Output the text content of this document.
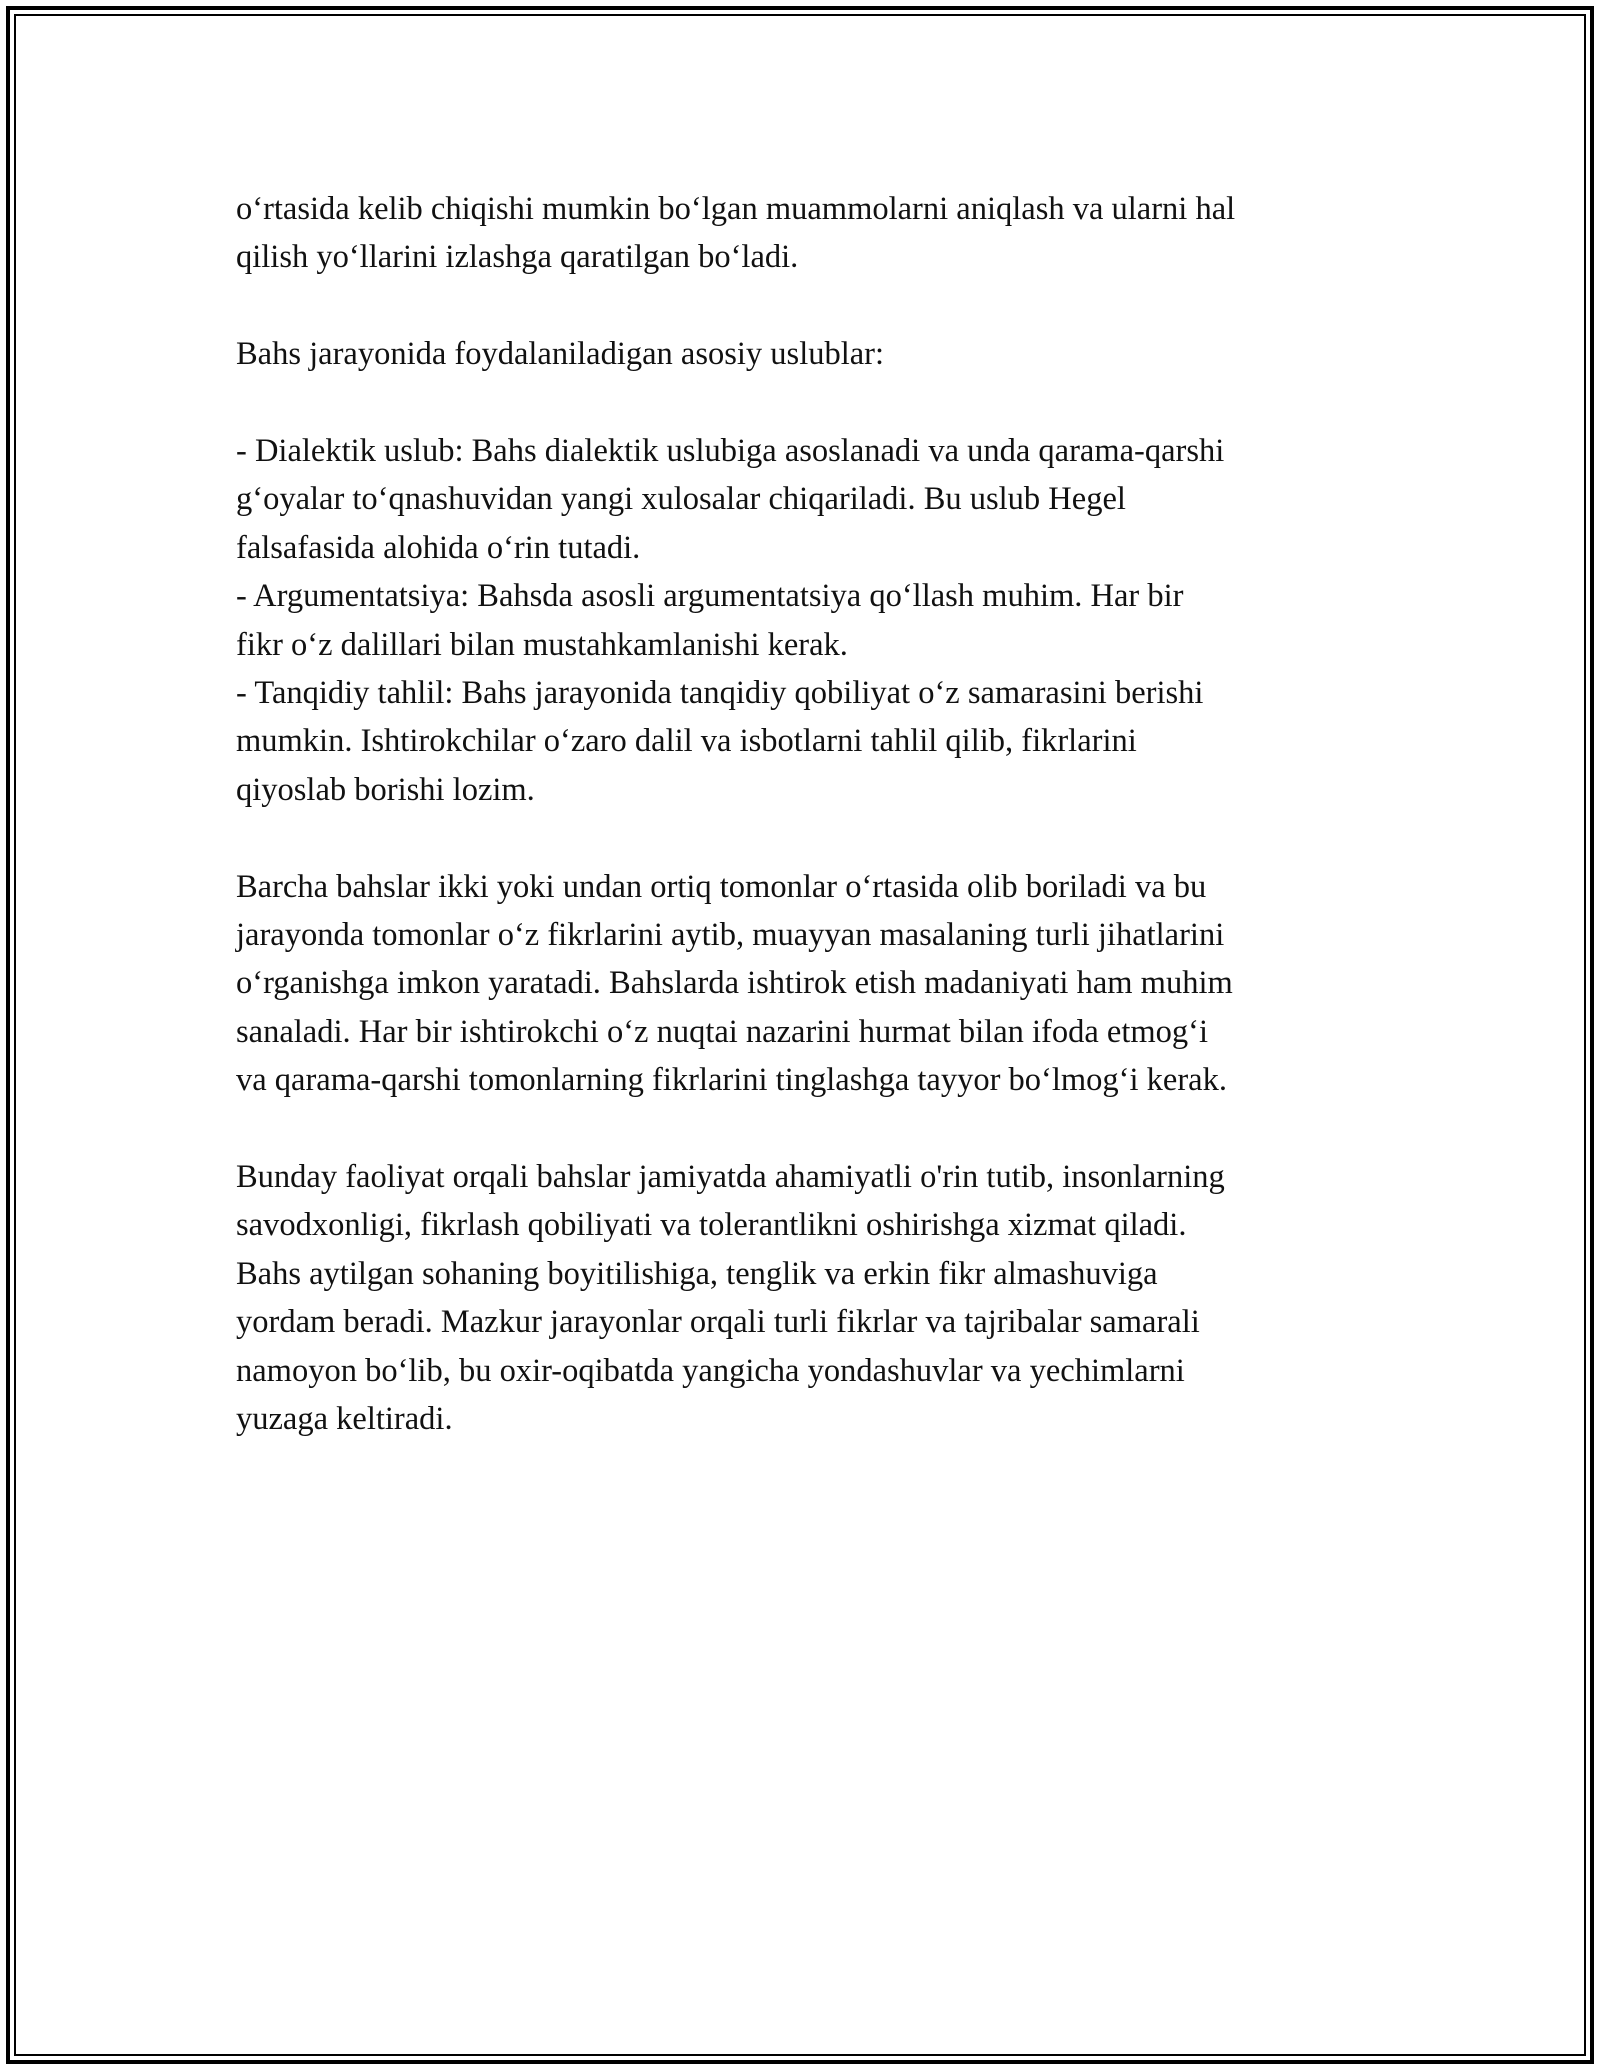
o‘rtasida kelib chiqishi mumkin bo‘lgan muammolarni aniqlash va ularni hal
qilish yo‘llarini izlashga qaratilgan bo‘ladi.

Bahs jarayonida foydalaniladigan asosiy uslublar:

- Dialektik uslub: Bahs dialektik uslubiga asoslanadi va unda qarama-qarshi
g‘oyalar to‘qnashuvidan yangi xulosalar chiqariladi. Bu uslub Hegel
falsafasida alohida o‘rin tutadi.
- Argumentatsiya: Bahsda asosli argumentatsiya qo‘llash muhim. Har bir
fikr o‘z dalillari bilan mustahkamlanishi kerak.
- Tanqidiy tahlil: Bahs jarayonida tanqidiy qobiliyat o‘z samarasini berishi
mumkin. Ishtirokchilar o‘zaro dalil va isbotlarni tahlil qilib, fikrlarini
qiyoslab borishi lozim.

Barcha bahslar ikki yoki undan ortiq tomonlar o‘rtasida olib boriladi va bu
jarayonda tomonlar o‘z fikrlarini aytib, muayyan masalaning turli jihatlarini
o‘rganishga imkon yaratadi. Bahslarda ishtirok etish madaniyati ham muhim
sanaladi. Har bir ishtirokchi o‘z nuqtai nazarini hurmat bilan ifoda etmog‘i
va qarama-qarshi tomonlarning fikrlarini tinglashga tayyor bo‘lmog‘i kerak.

Bunday faoliyat orqali bahslar jamiyatda ahamiyatli o'rin tutib, insonlarning
savodxonligi, fikrlash qobiliyati va tolerantlikni oshirishga xizmat qiladi.
Bahs aytilgan sohaning boyitilishiga, tenglik va erkin fikr almashuviga
yordam beradi. Mazkur jarayonlar orqali turli fikrlar va tajribalar samarali
namoyon bo‘lib, bu oxir-oqibatda yangicha yondashuvlar va yechimlarni
yuzaga keltiradi.
